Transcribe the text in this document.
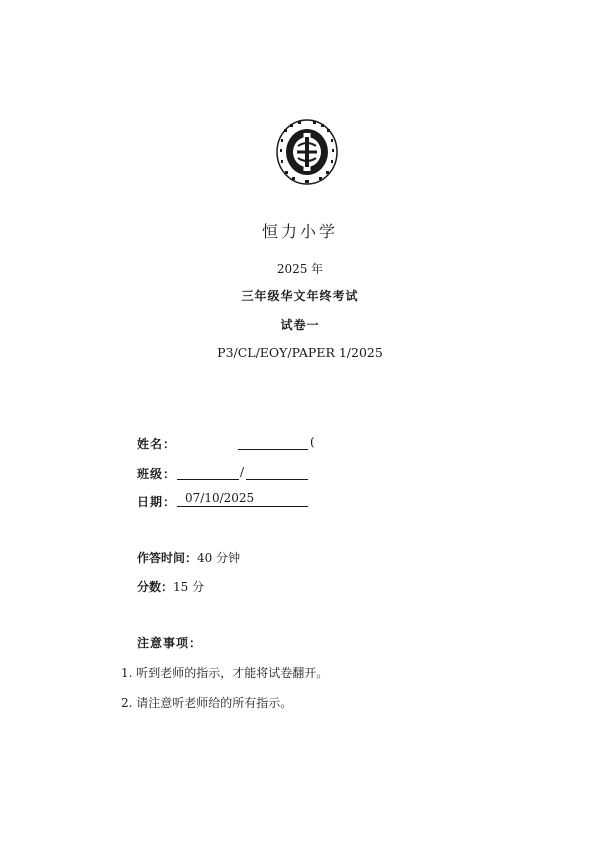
恒力小学
2025 年
三年级华文年终考试
试卷一
P3/CL/EOY/PAPER 1/2025
姓名：	(
班级：	/
日期： 07/10/2025
作答时间：40 分钟
分数：15 分
注意事项：
1. 听到老师的指示，才能将试卷翻开。
2. 请注意听老师给的所有指示。
